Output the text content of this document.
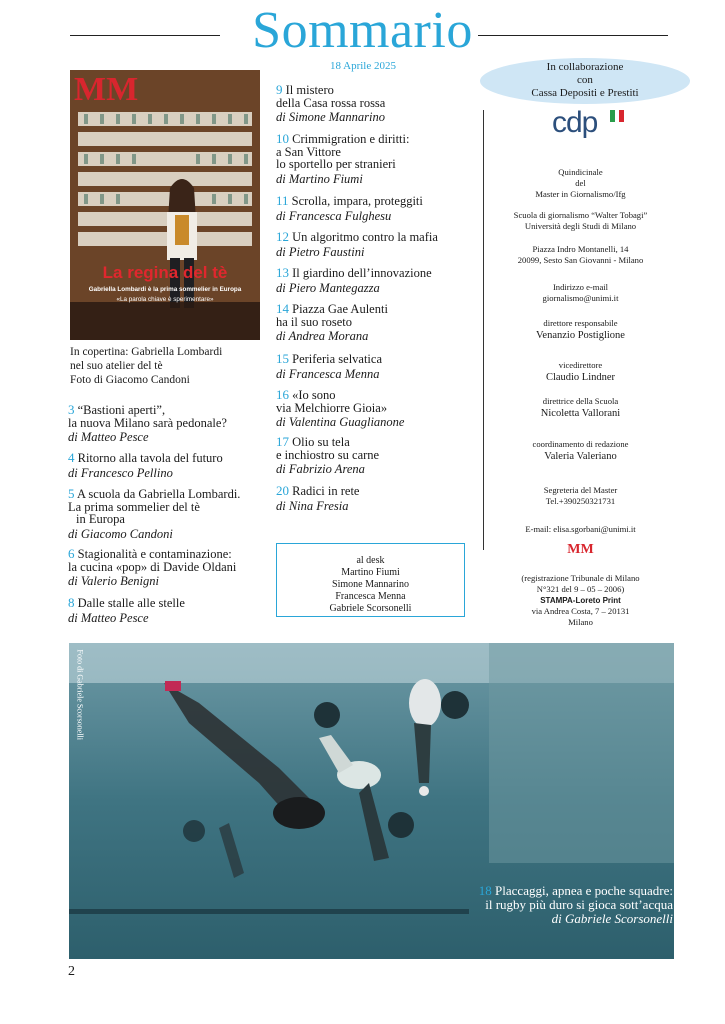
Sommario
18 Aprile 2025
MM
La regina del tè
Gabriella Lombardi è la prima sommelier in Europa
«La parola chiave è sperimentare»
In copertina: Gabriella Lombardi
nel suo atelier del tè
Foto di Giacomo Candoni
3 “Bastioni aperti”,
la nuova Milano sarà pedonale?
di Matteo Pesce
4 Ritorno alla tavola del futuro
di Francesco Pellino
5 A scuola da Gabriella Lombardi.
La prima sommelier del tè
in Europa
di Giacomo Candoni
6 Stagionalità e contaminazione:
la cucina «pop» di Davide Oldani
di Valerio Benigni
8 Dalle stalle alle stelle
di Matteo Pesce
9 Il mistero
della Casa rossa rossa
di Simone Mannarino
10 Crimmigration e diritti:
a San Vittore
lo sportello per stranieri
di Martino Fiumi
11 Scrolla, impara, proteggiti
di Francesca Fulghesu
12 Un algoritmo contro la mafia
di Pietro Faustini
13 Il giardino dell’innovazione
di Piero Mantegazza
14 Piazza Gae Aulenti
ha il suo roseto
di Andrea Morana
15 Periferia selvatica
di Francesca Menna
16 «Io sono
via Melchiorre Gioia»
di Valentina Guaglianone
17 Olio su tela
e inchiostro su carne
di Fabrizio Arena
20 Radici in rete
di Nina Fresia
al desk
Martino Fiumi
Simone Mannarino
Francesca Menna
Gabriele Scorsonelli
In collaborazione
con
Cassa Depositi e Prestiti
cdp
Quindicinale
del
Master in Giornalismo/Ifg
Scuola di giornalismo “Walter Tobagi”
Università degli Studi di Milano
Piazza Indro Montanelli, 14
20099, Sesto San Giovanni - Milano
Indirizzo e-mail
giornalismo@unimi.it
direttore responsabile
Venanzio Postiglione
vicedirettore
Claudio Lindner
direttrice della Scuola
Nicoletta Vallorani
coordinamento di redazione
Valeria Valeriano
Segreteria del Master
Tel.+390250321731
E-mail: elisa.sgorbani@unimi.it
MM
(registrazione Tribunale di Milano
N°321 del 9 – 05 – 2006)
STAMPA-Loreto Print
via Andrea Costa, 7 – 20131
Milano
Foto di Gabriele Scorsonelli
18 Placcaggi, apnea e poche squadre:
il rugby più duro si gioca sott’acqua
di Gabriele Scorsonelli
2
